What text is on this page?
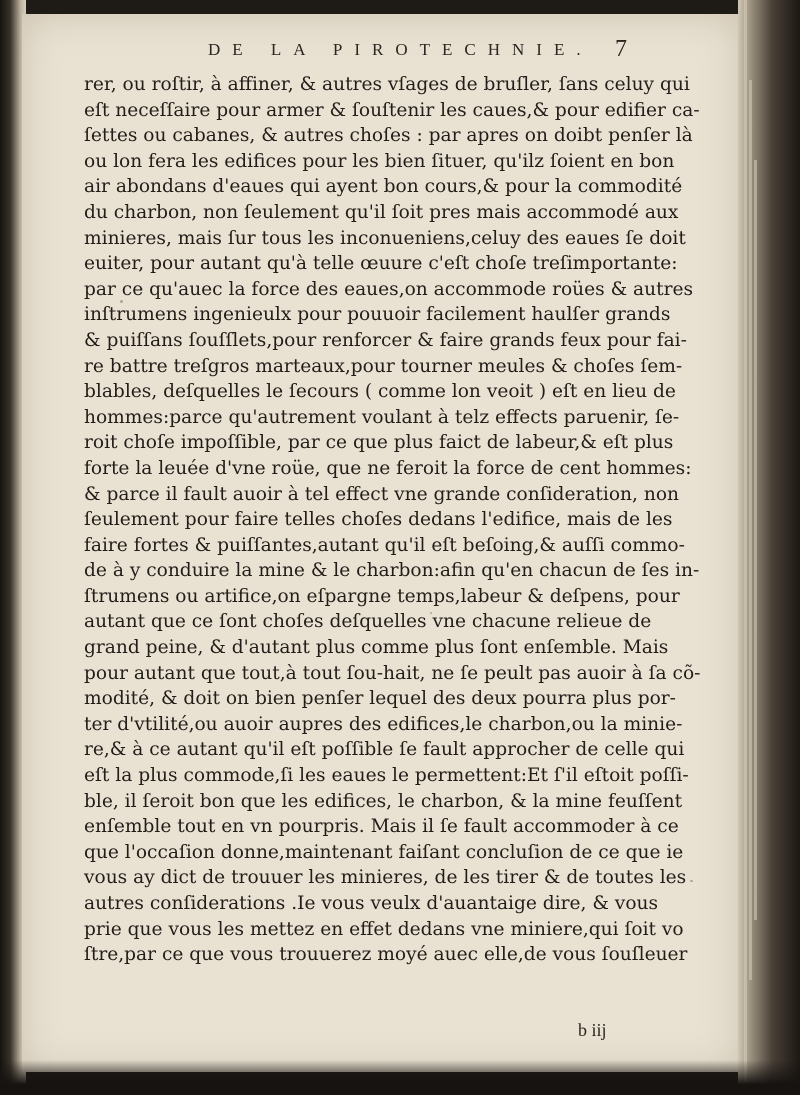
DE LA PIROTECHNIE. 7
rer, ou roſtir, à affiner, & autres vſages de bruſler, ſans celuy qui
eſt neceſſaire pour armer & ſouſtenir les caues,& pour edifier ca-
ſettes ou cabanes, & autres choſes : par apres on doibt penſer là
ou lon fera les edifices pour les bien ſituer, qu'ilz ſoient en bon
air abondans d'eaues qui ayent bon cours,& pour la commodité
du charbon, non ſeulement qu'il ſoit pres mais accommodé aux
minieres, mais ſur tous les inconueniens,celuy des eaues ſe doit
euiter, pour autant qu'à telle œuure c'eſt choſe treſimportante:
par ce qu'auec la force des eaues,on accommode roües & autres
inſtrumens ingenieulx pour pouuoir facilement haulſer grands
& puiſſans ſouſſlets,pour renforcer & faire grands feux pour fai-
re battre treſgros marteaux,pour tourner meules & choſes ſem-
blables, deſquelles le ſecours ( comme lon veoit ) eſt en lieu de
hommes:parce qu'autrement voulant à telz effects paruenir, ſe-
roit choſe impoſſible, par ce que plus faict de labeur,& eſt plus
forte la leuée d'vne roüe, que ne feroit la force de cent hommes:
& parce il fault auoir à tel effect vne grande conſideration, non
ſeulement pour faire telles choſes dedans l'edifice, mais de les
faire fortes & puiſſantes,autant qu'il eſt beſoing,& auſſi commo-
de à y conduire la mine & le charbon:afin qu'en chacun de ſes in-
ſtrumens ou artifice,on eſpargne temps,labeur & deſpens, pour
autant que ce ſont choſes deſquelles vne chacune relieue de
grand peine, & d'autant plus comme plus ſont enſemble. Mais
pour autant que tout,à tout ſou-hait, ne ſe peult pas auoir à ſa cõ-
modité, & doit on bien penſer lequel des deux pourra plus por-
ter d'vtilité,ou auoir aupres des edifices,le charbon,ou la minie-
re,& à ce autant qu'il eſt poſſible ſe fault approcher de celle qui
eſt la plus commode,ſi les eaues le permettent:Et ſ'il eſtoit poſſi-
ble, il ſeroit bon que les edifices, le charbon, & la mine feuſſent
enſemble tout en vn pourpris. Mais il ſe fault accommoder à ce
que l'occaſion donne,maintenant faiſant concluſion de ce que ie
vous ay dict de trouuer les minieres, de les tirer & de toutes les
autres conſiderations .Ie vous veulx d'auantaige dire, & vous
prie que vous les mettez en effet dedans vne miniere,qui ſoit vo
ſtre,par ce que vous trouuerez moyé auec elle,de vous ſouſleuer
b iij
